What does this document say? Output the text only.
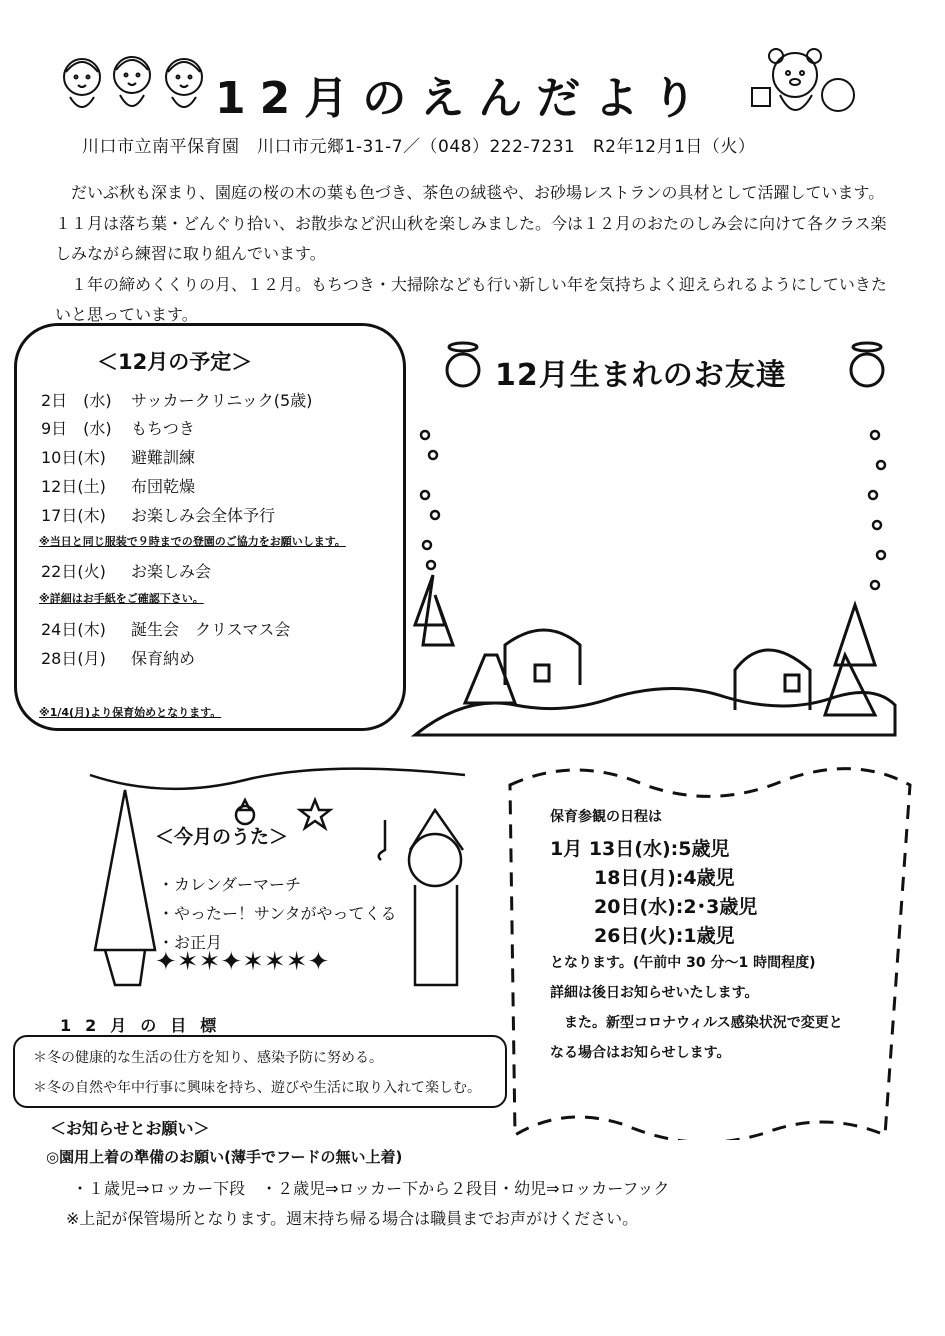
✦✶✶✦✶✶✶✦
12月のえんだより
川口市立南平保育園　川口市元郷1-31-7／（048）222-7231　R2年12月1日（火）

　だいぶ秋も深まり、園庭の桜の木の葉も色づき、茶色の絨毯や、お砂場レストランの具材として活躍しています。１１月は落ち葉・どんぐり拾い、お散歩など沢山秋を楽しみました。今は１２月のおたのしみ会に向けて各クラス楽しみながら練習に取り組んでいます。

　１年の締めくくりの月、１２月。もちつき・大掃除なども行い新しい年を気持ちよく迎えられるようにしていきたいと思っています。

＜12月の予定＞
2日　(水) サッカークリニック(5歳)
9日　(水) もちつき
10日(木) 避難訓練
12日(土) 布団乾燥
17日(木) お楽しみ会全体予行
※当日と同じ服装で９時までの登園のご協力をお願いします。
22日(火) お楽しみ会
※詳細はお手紙をご確認下さい。
24日(木) 誕生会　クリスマス会
28日(月) 保育納め
※1/4(月)より保育始めとなります。
12月生まれのお友達
＜今月のうた＞
・カレンダーマーチ
・やったー！サンタがやってくる
・お正月
12月の目標
＊冬の健康的な生活の仕方を知り、感染予防に努める。
＊冬の自然や年中行事に興味を持ち、遊びや生活に取り入れて楽しむ。
保育参観の日程は
1月 13日(水):5歳児
18日(月):4歳児
20日(水):2･3歳児
26日(火):1歳児
となります。(午前中 30 分～1 時間程度)
詳細は後日お知らせいたします。
　また。新型コロナウィルス感染状況で変更と
なる場合はお知らせします。
＜お知らせとお願い＞
◎園用上着の準備のお願い(薄手でフードの無い上着)
・１歳児⇒ロッカー下段　・２歳児⇒ロッカー下から２段目・幼児⇒ロッカーフック
※上記が保管場所となります。週末持ち帰る場合は職員までお声がけください。
